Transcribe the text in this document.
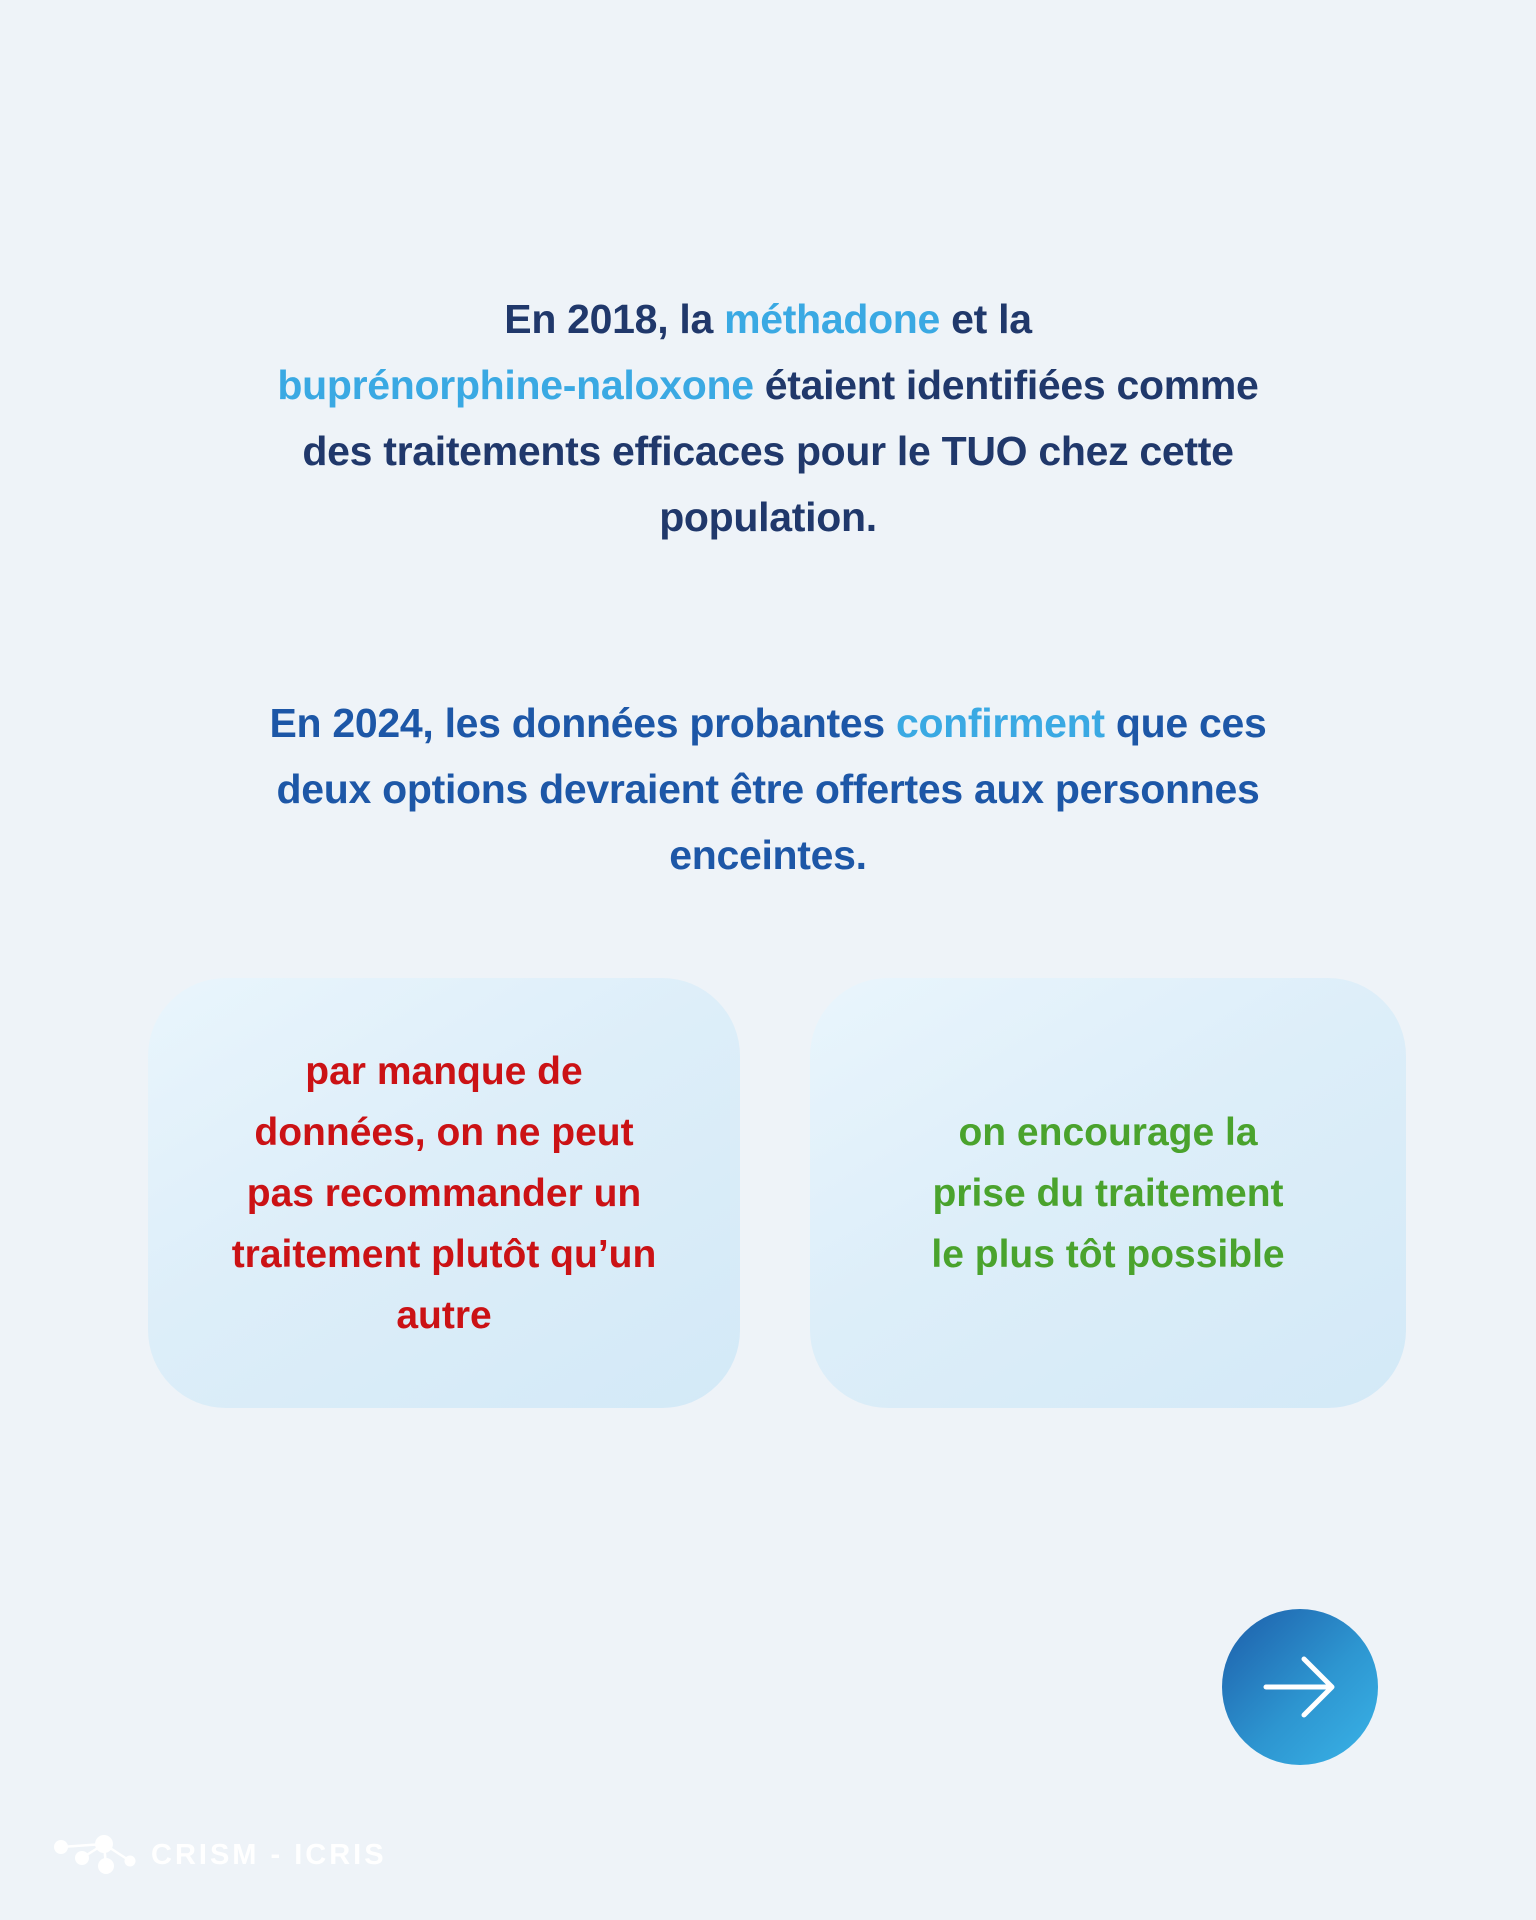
En 2018, la méthadone et la
buprénorphine-naloxone étaient identifiées comme
des traitements efficaces pour le TUO chez cette
population.
En 2024, les données probantes confirment que ces
deux options devraient être offertes aux personnes
enceintes.
par manque de
données, on ne peut
pas recommander un
traitement plutôt qu’un
autre
on encourage la
prise du traitement
le plus tôt possible
CRISM - ICRIS
